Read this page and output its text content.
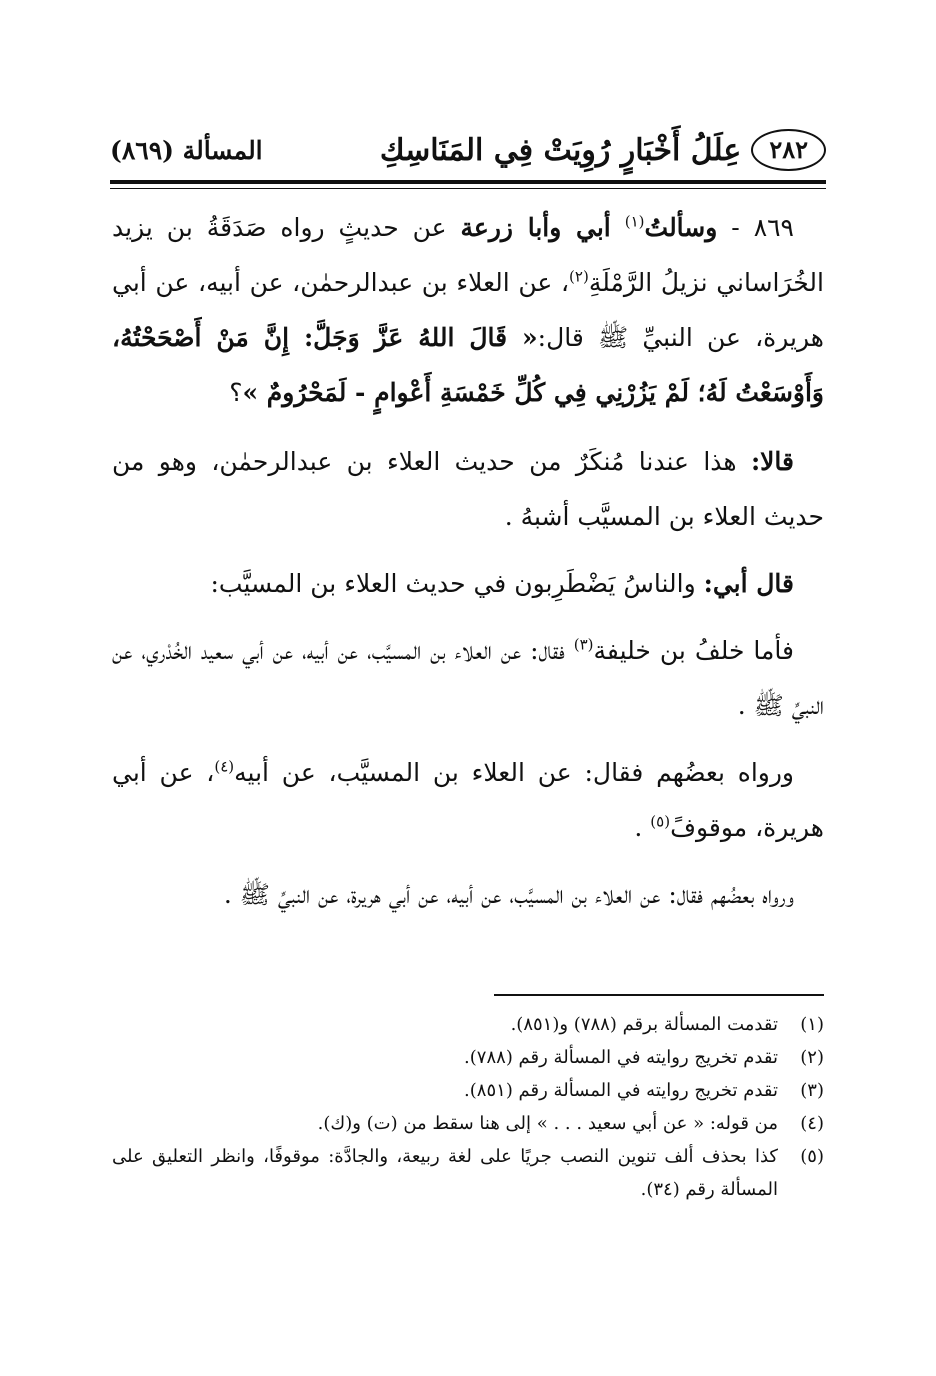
٢٨٢
عِلَلُ أَخْبَارٍ رُوِيَتْ فِي المَنَاسِكِ
المسألة (٨٦٩)

٨٦٩ - وسألتُ$^{(١)}$ أبي وأبا زرعة عن حديثٍ رواه صَدَقَةُ بن يزيد الخُرَاساني نزيلُ الرَّمْلَةِ$^{(٢)}$، عن العلاء بن عبدالرحمٰن، عن أبيه، عن أبي هريرة، عن النبيِّ ﷺ قال:« قَالَ اللهُ عَزَّ وَجَلَّ: إِنَّ مَنْ أَصْحَحْتُهُ، وَأَوْسَعْتُ لَهُ؛ لَمْ يَزُرْنِي فِي كُلِّ خَمْسَةِ أَعْوامٍ - لَمَحْرُومٌ »؟

قالا: هذا عندنا مُنكَرٌ من حديث العلاء بن عبدالرحمٰن، وهو من حديث العلاء بن المسيَّب أشبهُ .

قال أبي: والناسُ يَضْطَرِبون في حديث العلاء بن المسيَّب:

فأما خلفُ بن خليفة$^{(٣)}$ فقال: عن العلاء بن المسيَّب، عن أبيه، عن أبي سعيد الخُدْري، عن النبيِّ ﷺ .

ورواه بعضُهم فقال: عن العلاء بن المسيَّب، عن أبيه$^{(٤)}$، عن أبي هريرة، موقوفً$^{(٥)}$ .

ورواه بعضُهم فقال: عن العلاء بن المسيَّب، عن أبيه، عن أبي هريرة، عن النبيِّ ﷺ .

(١)
تقدمت المسألة برقم (٧٨٨) و(٨٥١).
(٢)
تقدم تخريج روايته في المسألة رقم (٧٨٨).
(٣)
تقدم تخريج روايته في المسألة رقم (٨٥١).
(٤)
من قوله: « عن أبي سعيد . . . » إلى هنا سقط من (ت) و(ك).
(٥)
كذا بحذف ألف تنوين النصب جريًا على لغة ربيعة، والجادَّة: موقوفًا، وانظر التعليق على المسألة رقم (٣٤).
